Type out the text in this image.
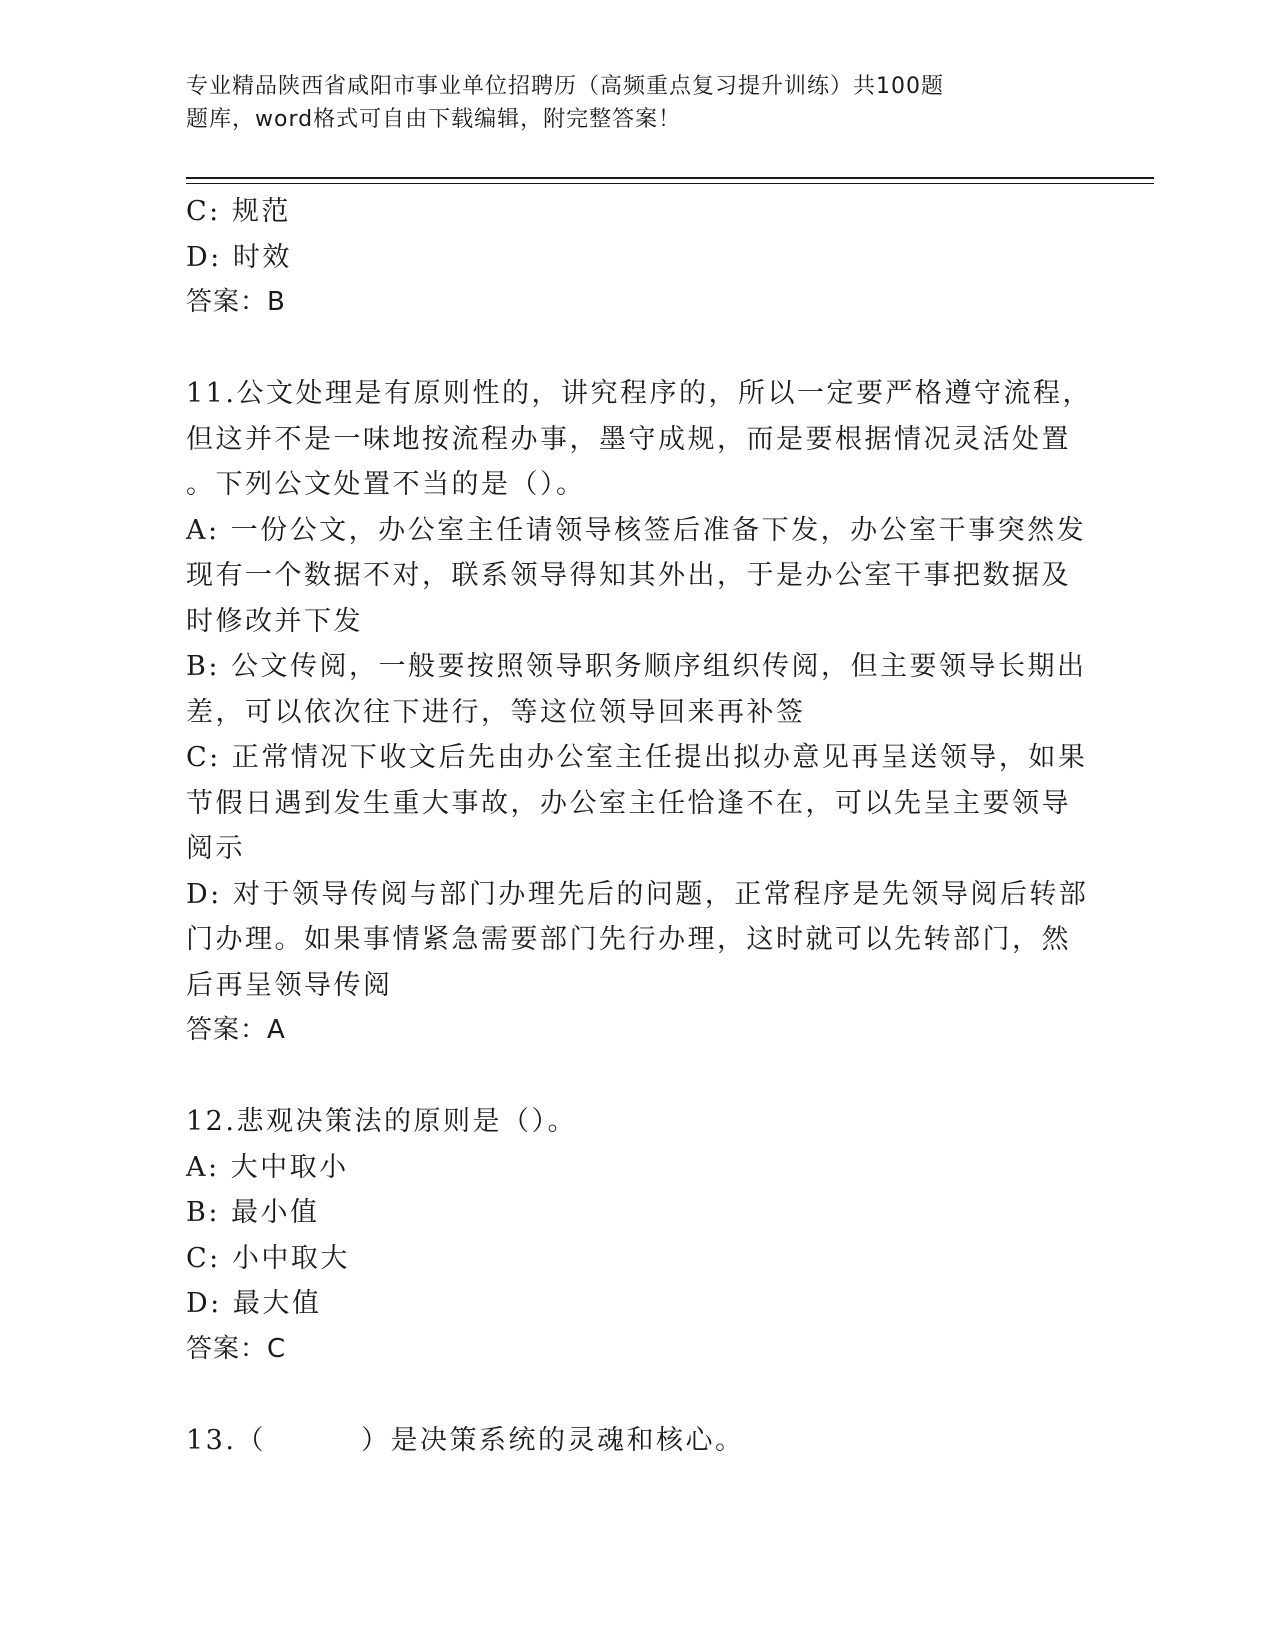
专业精品陕西省咸阳市事业单位招聘历（高频重点复习提升训练）共100题
题库，word格式可自由下载编辑，附完整答案！

C: 规范

D: 时效

答案：B

11.公文处理是有原则性的，讲究程序的，所以一定要严格遵守流程，

但这并不是一味地按流程办事，墨守成规，而是要根据情况灵活处置

。下列公文处置不当的是（）。

A: 一份公文，办公室主任请领导核签后准备下发，办公室干事突然发

现有一个数据不对，联系领导得知其外出，于是办公室干事把数据及

时修改并下发

B: 公文传阅，一般要按照领导职务顺序组织传阅，但主要领导长期出

差，可以依次往下进行，等这位领导回来再补签

C: 正常情况下收文后先由办公室主任提出拟办意见再呈送领导，如果

节假日遇到发生重大事故，办公室主任恰逢不在，可以先呈主要领导

阅示

D: 对于领导传阅与部门办理先后的问题，正常程序是先领导阅后转部

门办理。如果事情紧急需要部门先行办理，这时就可以先转部门，然

后再呈领导传阅

答案：A

12.悲观决策法的原则是（）。

A: 大中取小

B: 最小值

C: 小中取大

D: 最大值

答案：C

13.（	）是决策系统的灵魂和核心。
